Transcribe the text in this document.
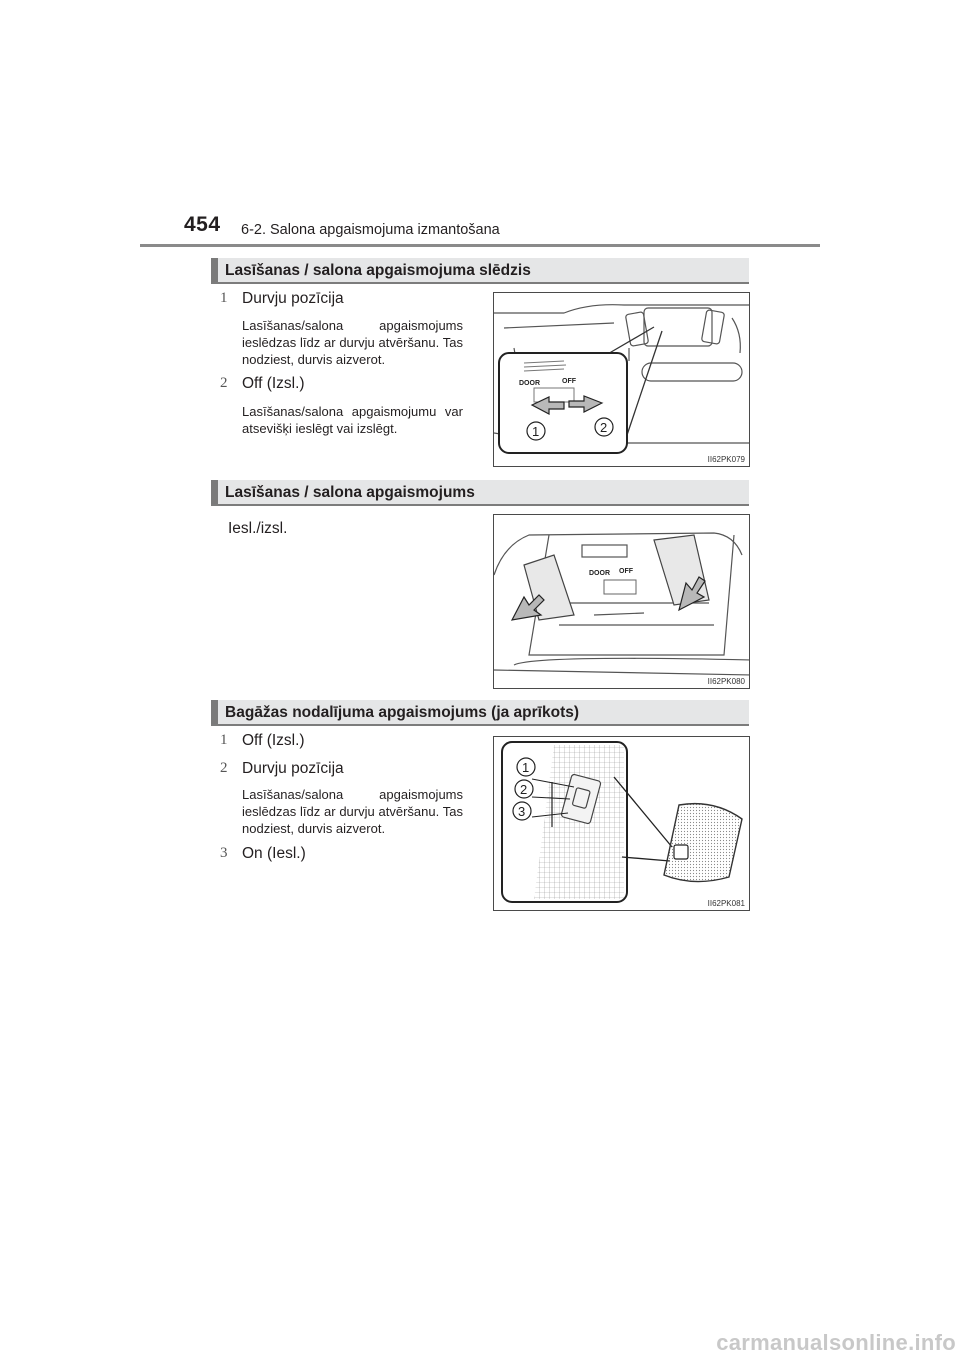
454 6-2. Salona apgaismojuma izmantošana
Lasīšanas / salona apgaismojuma slēdzis
1 Durvju pozīcija
Lasīšanas/salona apgaismojums ieslēdzas līdz ar durvju atvēršanu. Tas nodziest, durvis aizverot.
2 Off (Izsl.)
Lasīšanas/salona apgaismojumu var atsevišķi ieslēgt vai izslēgt.
DOOR	OFF
1	2
II62PK079
Lasīšanas / salona apgaismojums
Iesl./izsl.
DOOR OFF
II62PK080
Bagāžas nodalījuma apgaismojums (ja aprīkots)
1 Off (Izsl.)
2 Durvju pozīcija
Lasīšanas/salona apgaismojums ieslēdzas līdz ar durvju atvēršanu. Tas nodziest, durvis aizverot.
3 On (Iesl.)
1
2
3
II62PK081
carmanualsonline.info
